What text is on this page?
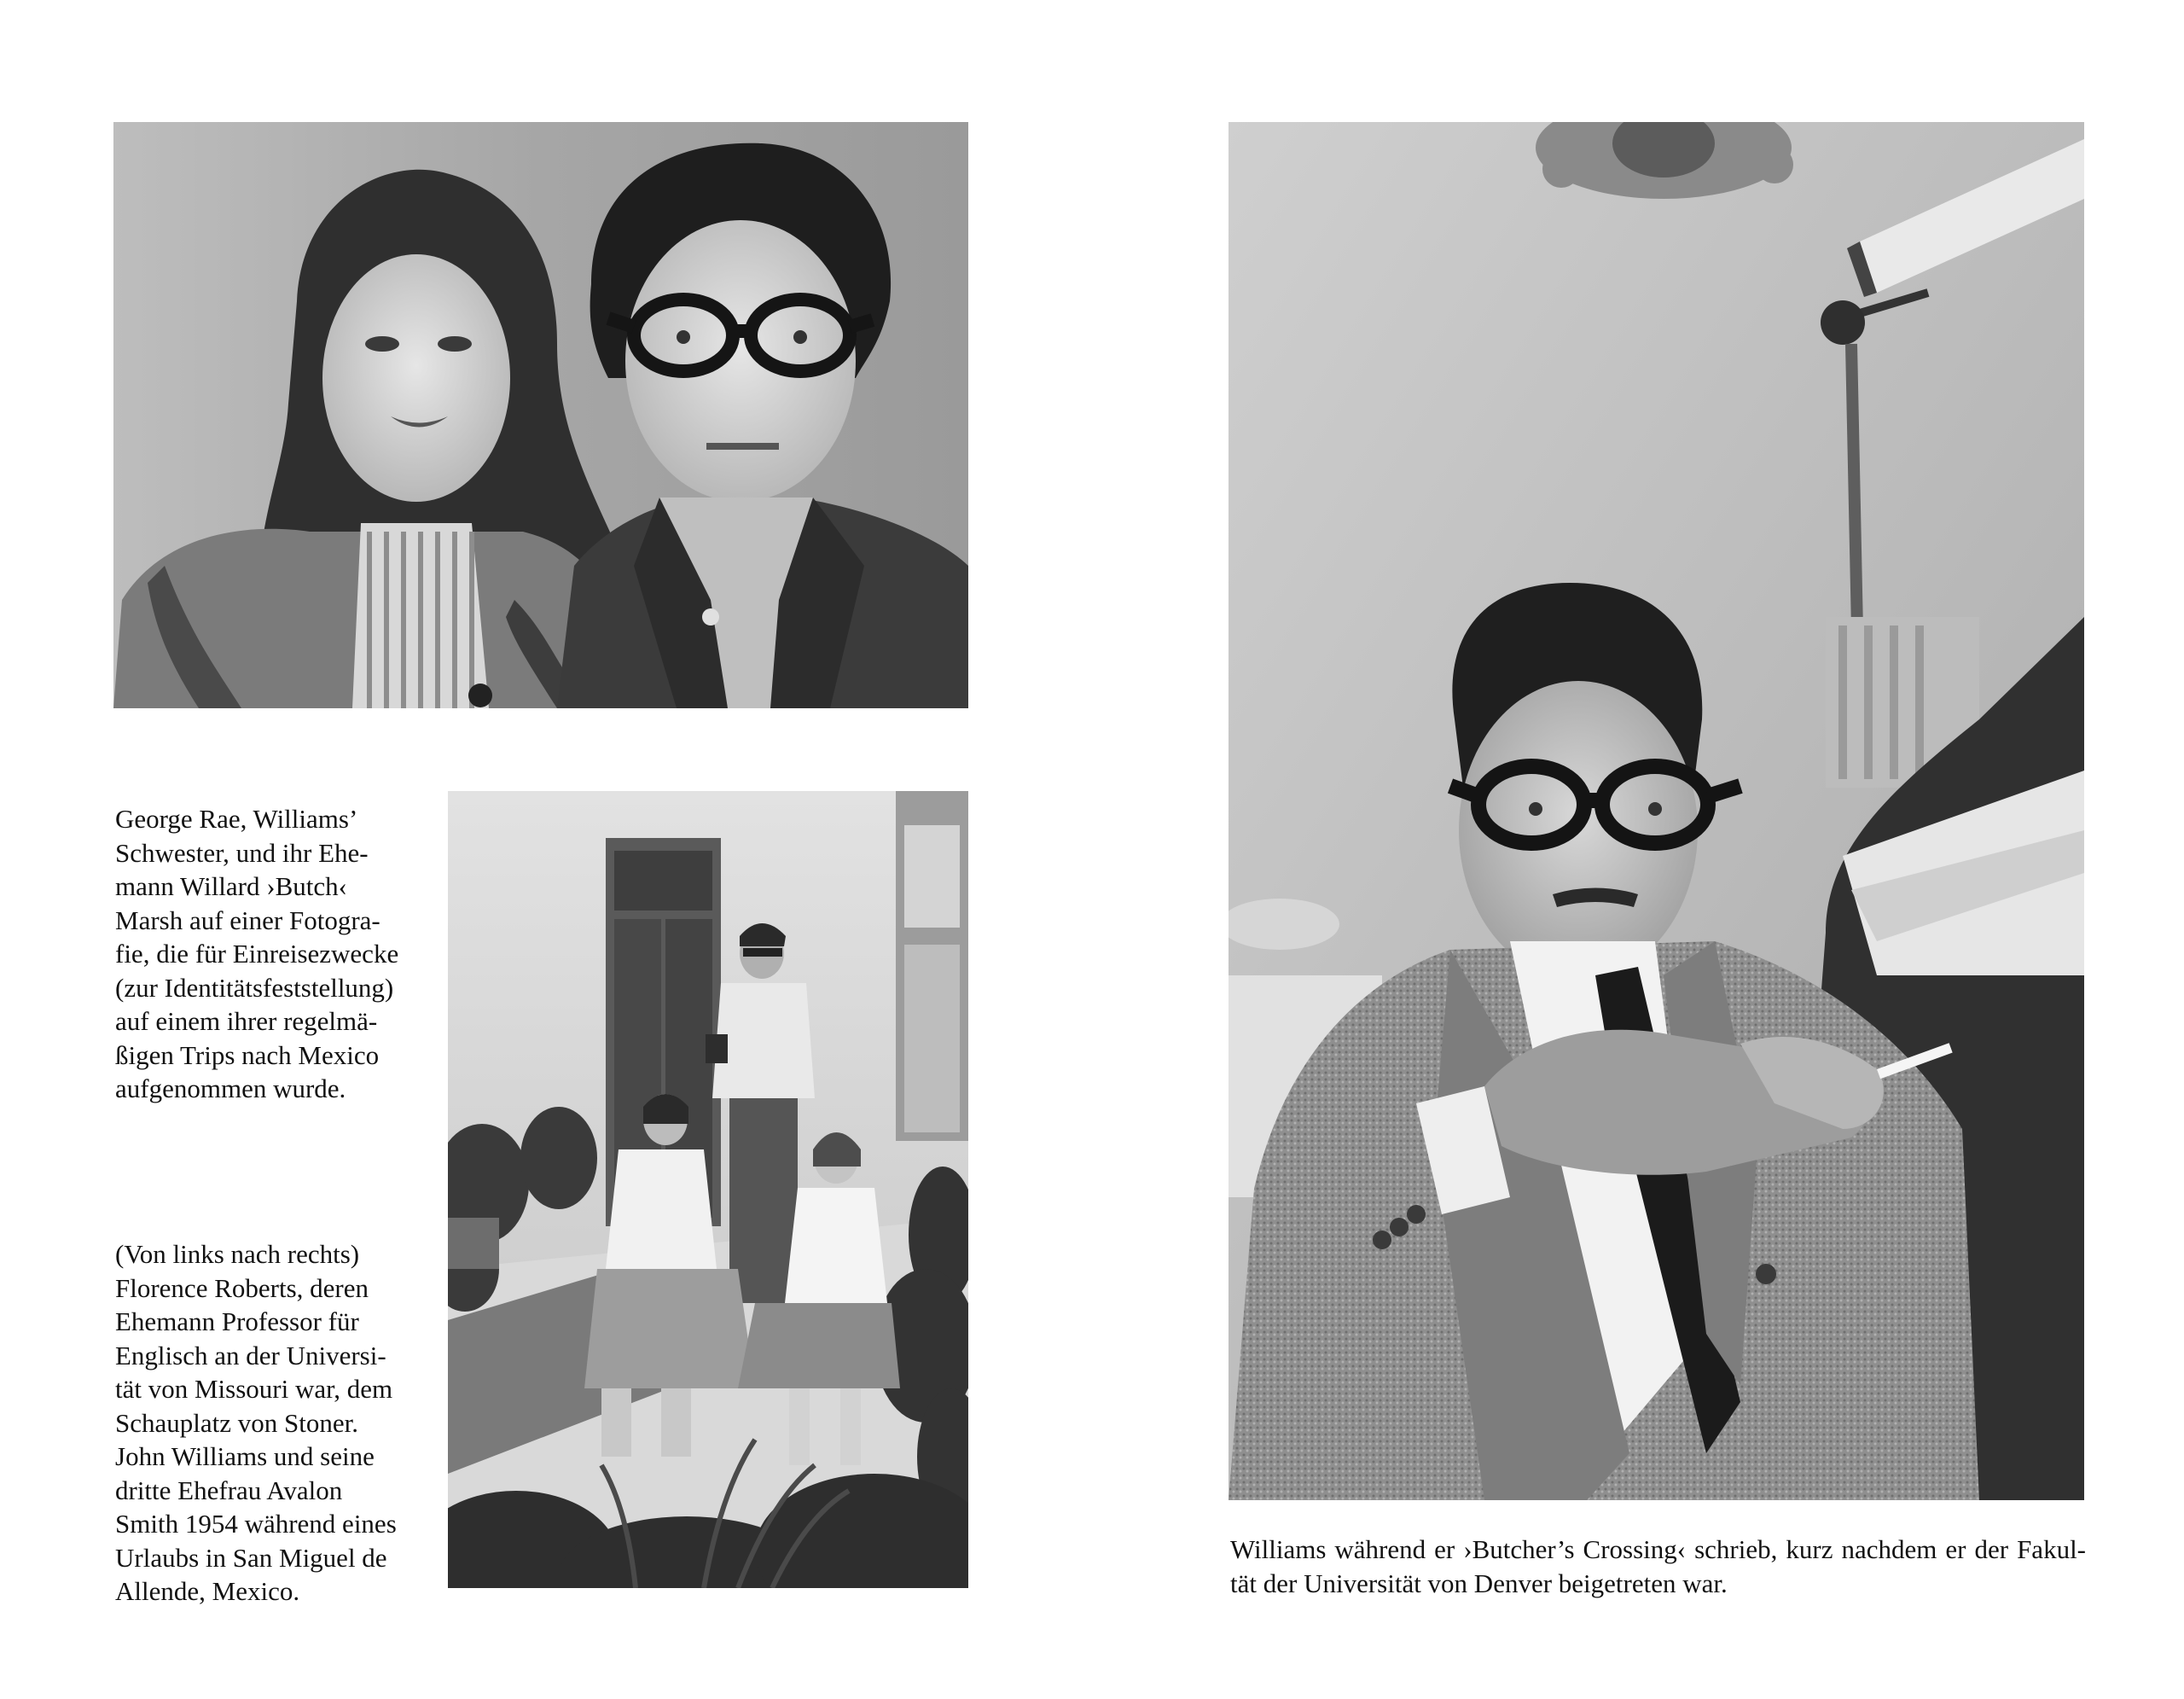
George Rae, Williams’
Schwester, und ihr Ehe-
mann Willard ›Butch‹
Marsh auf einer Fotogra-
fie, die für Einreisezwecke
(zur Identitätsfeststellung)
auf einem ihrer regelmä-
ßigen Trips nach Mexico
aufgenommen wurde.

(Von links nach rechts)
Florence Roberts, deren
Ehemann Professor für
Englisch an der Universi-
tät von Missouri war, dem
Schauplatz von Stoner.
John Williams und seine
dritte Ehefrau Avalon
Smith 1954 während eines
Urlaubs in San Miguel de
Allende, Mexico.

Williams während er ›Butcher’s Crossing‹ schrieb, kurz nachdem er der Fakul-
tät der Universität von Denver beigetreten war.
